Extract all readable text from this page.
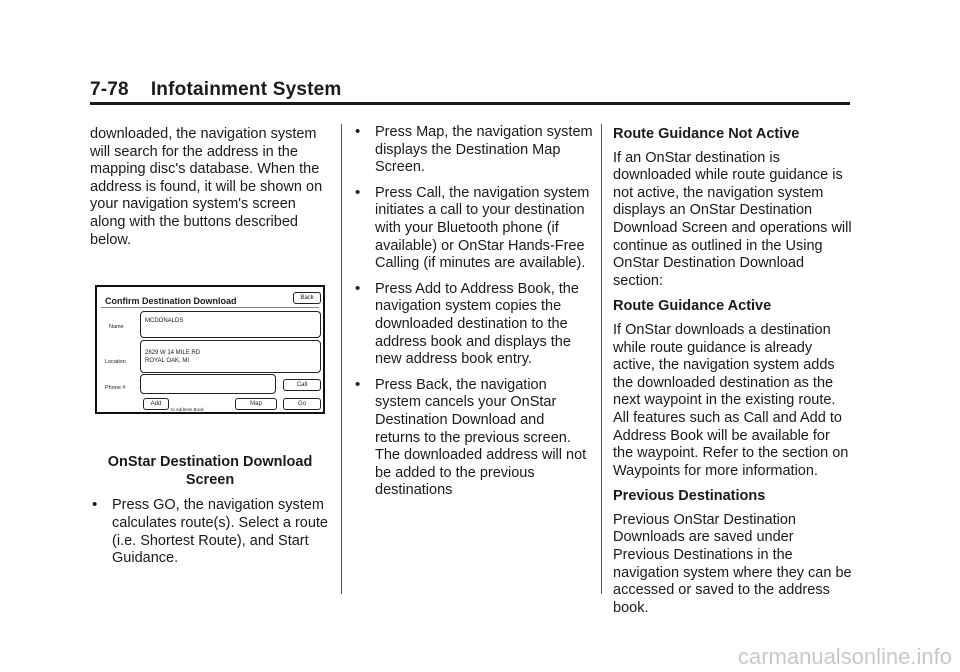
7-78 Infotainment System

downloaded, the navigation system will search for the address in the mapping disc's database. When the address is found, it will be shown on your navigation system's screen along with the buttons described below.

Confirm Destination Download	Back
Name
MCDONALDS
Location
2829 W 14 MILE RD
ROYAL OAK, MI
Phone #	Call
Add
to Address Book
Map	Go
OnStar Destination Download Screen
• Press GO, the navigation system calculates route(s). Select a route (i.e. Shortest Route), and Start Guidance.
• Press Map, the navigation system displays the Destination Map Screen.
• Press Call, the navigation system initiates a call to your destination with your Bluetooth phone (if available) or OnStar Hands-Free Calling (if minutes are available).
• Press Add to Address Book, the navigation system copies the downloaded destination to the address book and displays the new address book entry.
• Press Back, the navigation system cancels your OnStar Destination Download and returns to the previous screen. The downloaded address will not be added to the previous destinations
Route Guidance Not Active

If an OnStar destination is downloaded while route guidance is not active, the navigation system displays an OnStar Destination Download Screen and operations will continue as outlined in the Using OnStar Destination Download section:

Route Guidance Active

If OnStar downloads a destination while route guidance is already active, the navigation system adds the downloaded destination as the next waypoint in the existing route. All features such as Call and Add to Address Book will be available for the waypoint. Refer to the section on Waypoints for more information.

Previous Destinations

Previous OnStar Destination Downloads are saved under Previous Destinations in the navigation system where they can be accessed or saved to the address book.

carmanualsonline.info
